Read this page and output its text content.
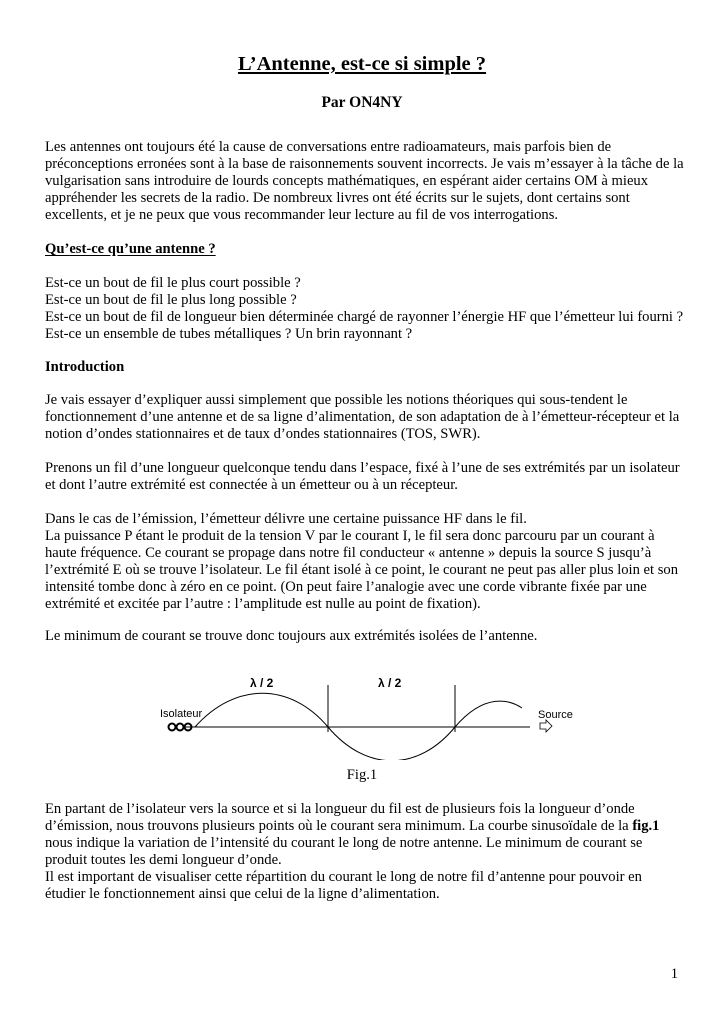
L’Antenne, est-ce si simple ?
Par ON4NY

Les antennes ont toujours été la cause de conversations entre radioamateurs, mais parfois bien de préconceptions erronées sont à la base de raisonnements souvent incorrects. Je vais m’essayer à la tâche de la vulgarisation sans introduire de lourds concepts mathématiques, en espérant aider certains OM à mieux appréhender les secrets de la radio. De nombreux livres ont été écrits sur le sujets, dont certains sont excellents, et je ne peux que vous recommander leur lecture au fil de vos interrogations.

Qu’est-ce qu’une antenne ?

Est-ce un bout de fil le plus court possible ?
Est-ce un bout de fil le plus long possible ?
Est-ce un bout de fil de longueur bien déterminée chargé de rayonner l’énergie HF que l’émetteur lui fourni ? Est-ce un ensemble de tubes métalliques ? Un brin rayonnant ?

Introduction

Je vais essayer d’expliquer aussi simplement que possible les notions théoriques qui sous-tendent le fonctionnement d’une antenne et de sa ligne d’alimentation, de son adaptation de à l’émetteur-récepteur et la notion d’ondes stationnaires et de taux d’ondes stationnaires (TOS, SWR).

Prenons un fil d’une longueur quelconque tendu dans l’espace, fixé à l’une de ses extrémités par un isolateur et dont l’autre extrémité est connectée à un émetteur ou à un récepteur.

Dans le cas de l’émission, l’émetteur délivre une certaine puissance HF dans le fil.
La puissance P étant le produit de la tension V par le courant I, le fil sera donc parcouru par un courant à haute fréquence. Ce courant se propage dans notre fil conducteur « antenne » depuis la source S jusqu’à l’extrémité E où se trouve l’isolateur. Le fil étant isolé à ce point, le courant ne peut pas aller plus loin et son intensité tombe donc à zéro en ce point. (On peut faire l’analogie avec une corde vibrante fixée par une extrémité et excitée par l’autre : l’amplitude est nulle au point de fixation).

Le minimum de courant se trouve donc toujours aux extrémités isolées de l’antenne.

Isolateur
λ / 2	λ / 2
Source
Fig.1

En partant de l’isolateur vers la source et si la longueur du fil est de plusieurs fois la longueur d’onde d’émission, nous trouvons plusieurs points où le courant sera minimum. La courbe sinusoïdale de la fig.1 nous indique la variation de l’intensité du courant le long de notre antenne. Le minimum de courant se produit toutes les demi longueur d’onde.

Il est important de visualiser cette répartition du courant le long de notre fil d’antenne pour pouvoir en étudier le fonctionnement ainsi que celui de la ligne d’alimentation.

1
